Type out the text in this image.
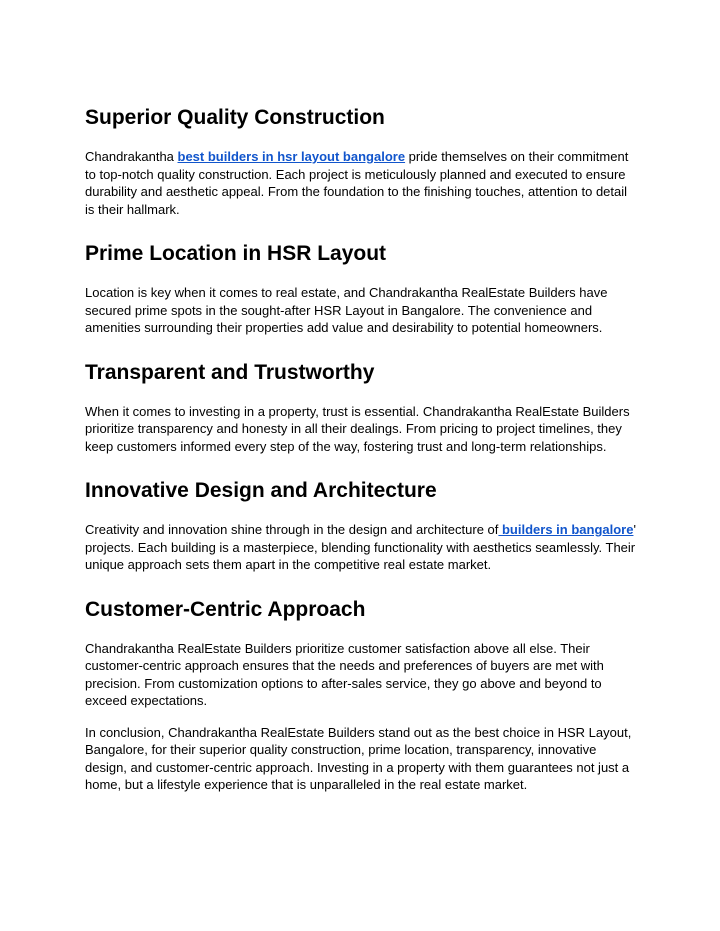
Superior Quality Construction

Chandrakantha best builders in hsr layout bangalore pride themselves on their commitment to top-notch quality construction. Each project is meticulously planned and executed to ensure durability and aesthetic appeal. From the foundation to the finishing touches, attention to detail is their hallmark.

Prime Location in HSR Layout

Location is key when it comes to real estate, and Chandrakantha RealEstate Builders have secured prime spots in the sought-after HSR Layout in Bangalore. The convenience and amenities surrounding their properties add value and desirability to potential homeowners.

Transparent and Trustworthy

When it comes to investing in a property, trust is essential. Chandrakantha RealEstate Builders prioritize transparency and honesty in all their dealings. From pricing to project timelines, they keep customers informed every step of the way, fostering trust and long-term relationships.

Innovative Design and Architecture

Creativity and innovation shine through in the design and architecture of builders in bangalore' projects. Each building is a masterpiece, blending functionality with aesthetics seamlessly. Their unique approach sets them apart in the competitive real estate market.

Customer-Centric Approach

Chandrakantha RealEstate Builders prioritize customer satisfaction above all else. Their customer-centric approach ensures that the needs and preferences of buyers are met with precision. From customization options to after-sales service, they go above and beyond to exceed expectations.

In conclusion, Chandrakantha RealEstate Builders stand out as the best choice in HSR Layout, Bangalore, for their superior quality construction, prime location, transparency, innovative design, and customer-centric approach. Investing in a property with them guarantees not just a home, but a lifestyle experience that is unparalleled in the real estate market.
